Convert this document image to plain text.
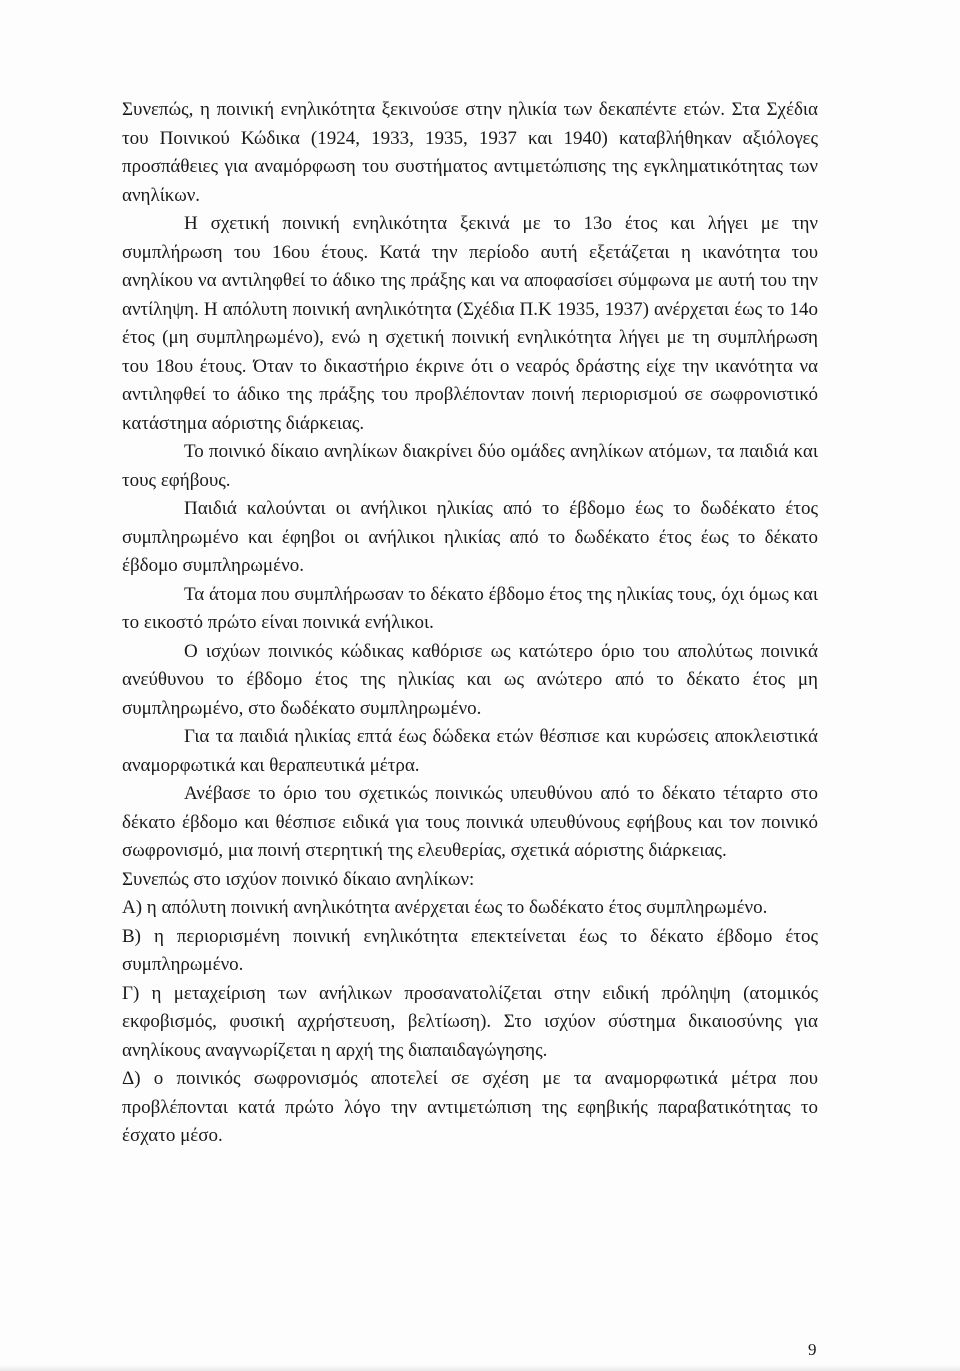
Συνεπώς, η ποινική ενηλικότητα ξεκινούσε στην ηλικία των δεκαπέντε ετών. Στα Σχέδια του Ποινικού Κώδικα (1924, 1933, 1935, 1937 και 1940) καταβλήθηκαν αξιόλογες προσπάθειες για αναμόρφωση του συστήματος αντιμετώπισης της εγκληματικότητας των ανηλίκων.

Η σχετική ποινική ενηλικότητα ξεκινά με το 13ο έτος και λήγει με την συμπλήρωση του 16ου έτους. Κατά την περίοδο αυτή εξετάζεται η ικανότητα του ανηλίκου να αντιληφθεί το άδικο της πράξης και να αποφασίσει σύμφωνα με αυτή του την αντίληψη. Η απόλυτη ποινική ανηλικότητα (Σχέδια Π.Κ 1935, 1937) ανέρχεται έως το 14ο έτος (μη συμπληρωμένο), ενώ η σχετική ποινική ενηλικότητα λήγει με τη συμπλήρωση του 18ου έτους. Όταν το δικαστήριο έκρινε ότι ο νεαρός δράστης είχε την ικανότητα να αντιληφθεί το άδικο της πράξης του προβλέπονταν ποινή περιορισμού σε σωφρονιστικό κατάστημα αόριστης διάρκειας.

Το ποινικό δίκαιο ανηλίκων διακρίνει δύο ομάδες ανηλίκων ατόμων, τα παιδιά και τους εφήβους.

Παιδιά καλούνται οι ανήλικοι ηλικίας από το έβδομο έως το δωδέκατο έτος συμπληρωμένο και έφηβοι οι ανήλικοι ηλικίας από το δωδέκατο έτος έως το δέκατο έβδομο συμπληρωμένο.

Τα άτομα που συμπλήρωσαν το δέκατο έβδομο έτος της ηλικίας τους, όχι όμως και το εικοστό πρώτο είναι ποινικά ενήλικοι.

Ο ισχύων ποινικός κώδικας καθόρισε ως κατώτερο όριο του απολύτως ποινικά ανεύθυνου το έβδομο έτος της ηλικίας και ως ανώτερο από το δέκατο έτος μη συμπληρωμένο, στο δωδέκατο συμπληρωμένο.

Για τα παιδιά ηλικίας επτά έως δώδεκα ετών θέσπισε και κυρώσεις αποκλειστικά αναμορφωτικά και θεραπευτικά μέτρα.

Ανέβασε το όριο του σχετικώς ποινικώς υπευθύνου από το δέκατο τέταρτο στο δέκατο έβδομο και θέσπισε ειδικά για τους ποινικά υπευθύνους εφήβους και τον ποινικό σωφρονισμό, μια ποινή στερητική της ελευθερίας, σχετικά αόριστης διάρκειας.

Συνεπώς στο ισχύον ποινικό δίκαιο ανηλίκων:

Α) η απόλυτη ποινική ανηλικότητα ανέρχεται έως το δωδέκατο έτος συμπληρωμένο.

Β) η περιορισμένη ποινική ενηλικότητα επεκτείνεται έως το δέκατο έβδομο έτος συμπληρωμένο.

Γ) η μεταχείριση των ανήλικων προσανατολίζεται στην ειδική πρόληψη (ατομικός εκφοβισμός, φυσική αχρήστευση, βελτίωση). Στο ισχύον σύστημα δικαιοσύνης για ανηλίκους αναγνωρίζεται η αρχή της διαπαιδαγώγησης.

Δ) ο ποινικός σωφρονισμός αποτελεί σε σχέση με τα αναμορφωτικά μέτρα που προβλέπονται κατά πρώτο λόγο την αντιμετώπιση της εφηβικής παραβατικότητας το έσχατο μέσο.

9
